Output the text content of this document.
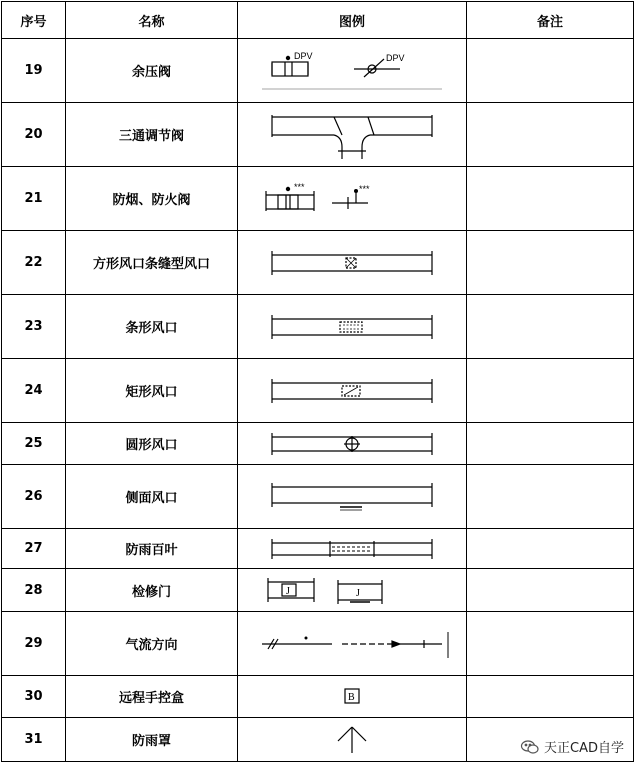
序号	名称	图例	备注
19	余压阀	DPV DPV	

20	三通调节阀	

21	防烟、防火阀	*** ***	

22	方形风口条缝型风口	

23	条形风口	

24	矩形风口	

25	圆形风口	

26	侧面风口	

27	防雨百叶	

28	检修门	J J	

29	气流方向	

30	远程手控盒	B	

31	防雨罩	
		天正CAD自学
